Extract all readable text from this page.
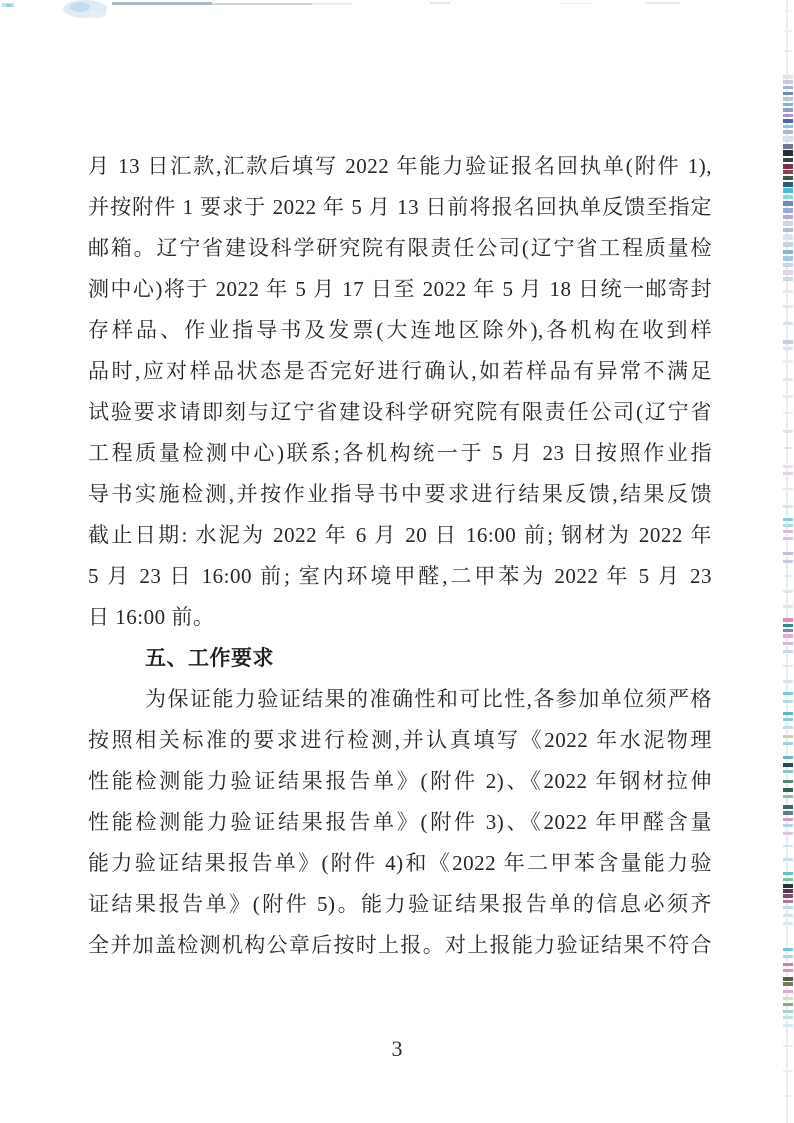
月 13 日汇款,汇款后填写 2022 年能力验证报名回执单(附件 1),
并按附件 1 要求于 2022 年 5 月 13 日前将报名回执单反馈至指定
邮箱。辽宁省建设科学研究院有限责任公司(辽宁省工程质量检
测中心)将于 2022 年 5 月 17 日至 2022 年 5 月 18 日统一邮寄封
存样品、作业指导书及发票(大连地区除外),各机构在收到样
品时,应对样品状态是否完好进行确认,如若样品有异常不满足
试验要求请即刻与辽宁省建设科学研究院有限责任公司(辽宁省
工程质量检测中心)联系;各机构统一于 5 月 23 日按照作业指
导书实施检测,并按作业指导书中要求进行结果反馈,结果反馈
截止日期: 水泥为 2022 年 6 月 20 日 16:00 前; 钢材为 2022 年
5 月 23 日 16:00 前; 室内环境甲醛,二甲苯为 2022 年 5 月 23
日 16:00 前。
五、工作要求
为保证能力验证结果的准确性和可比性,各参加单位须严格
按照相关标准的要求进行检测,并认真填写《2022 年水泥物理
性能检测能力验证结果报告单》(附件 2)、《2022 年钢材拉伸
性能检测能力验证结果报告单》(附件 3)、《2022 年甲醛含量
能力验证结果报告单》(附件 4)和《2022 年二甲苯含量能力验
证结果报告单》(附件 5)。能力验证结果报告单的信息必须齐
全并加盖检测机构公章后按时上报。对上报能力验证结果不符合
3
